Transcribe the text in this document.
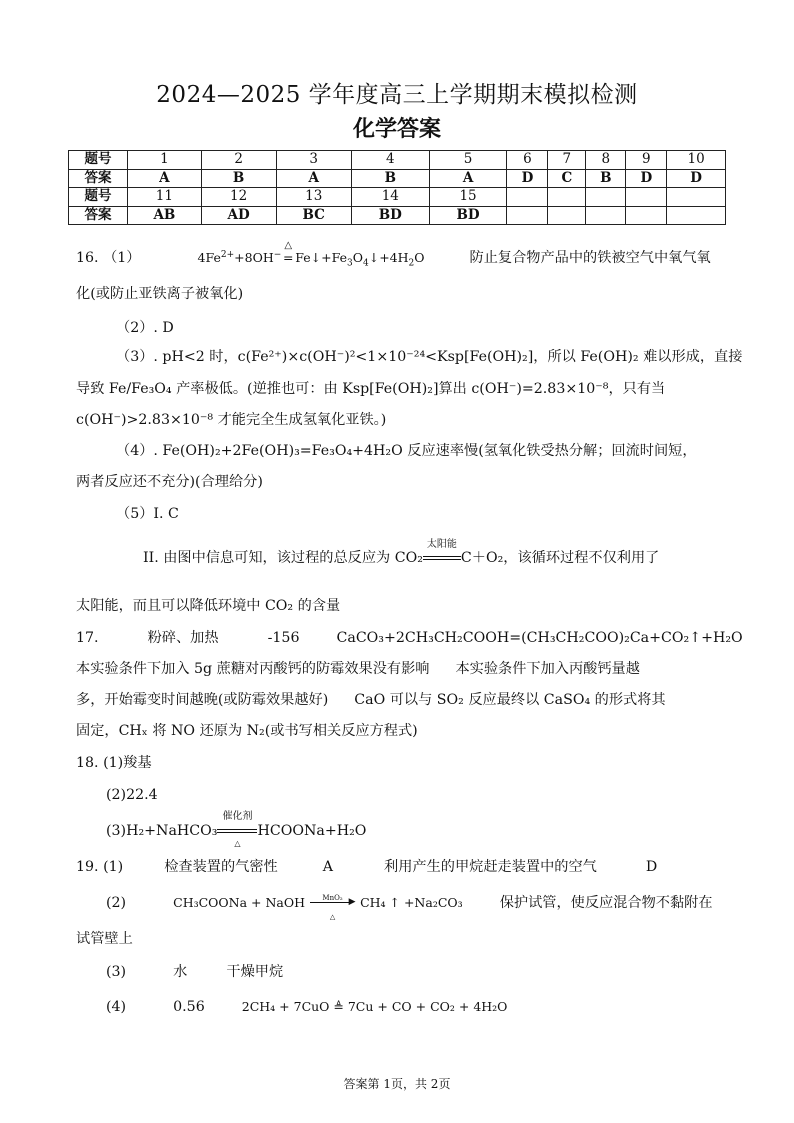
2024—2025 学年度高三上学期期末模拟检测
化学答案
题号	1	2	3	4	5	6	7	8	9	10
答案	A	B	A	B	A	D	C	B	D	D
题号	11	12	13	14	15					
答案	AB	AD	BC	BD	BD					
16. （1）	$4Fe^{2+}+8OH^-$
△
= $Fe↓+Fe_3O_4↓+4H_2O$	防止复合物产品中的铁被空气中氧气氧
化(或防止亚铁离子被氧化)
（2）. D
（3）. pH<2 时，c(Fe²⁺)×c(OH⁻)²<1×10⁻²⁴<Ksp[Fe(OH)₂]，所以 Fe(OH)₂ 难以形成，直接
导致 Fe/Fe₃O₄ 产率极低。(逆推也可：由 Ksp[Fe(OH)₂]算出 c(OH⁻)=2.83×10⁻⁸，只有当
c(OH⁻)>2.83×10⁻⁸ 才能完全生成氢氧化亚铁。)
（4）. Fe(OH)₂+2Fe(OH)₃=Fe₃O₄+4H₂O 反应速率慢(氢氧化铁受热分解；回流时间短，
两者反应还不充分)(合理给分)
（5）I. C
II. 由图中信息可知，该过程的总反应为 CO₂
太阳能
C＋O₂，该循环过程不仅利用了
太阳能，而且可以降低环境中 CO₂ 的含量
17.	粉碎、加热	-156	CaCO₃+2CH₃CH₂COOH=(CH₃CH₂COO)₂Ca+CO₂↑+H₂O
本实验条件下加入 5g 蔗糖对丙酸钙的防霉效果没有影响 本实验条件下加入丙酸钙量越
多，开始霉变时间越晚(或防霉效果越好) CaO 可以与 SO₂ 反应最终以 CaSO₄ 的形式将其
固定，CHₓ 将 NO 还原为 N₂(或书写相关反应方程式)
18. (1)羧基
(2)22.4
(3)H₂+NaHCO₃
催化剂
△
HCOONa+H₂O
19. (1)	检查装置的气密性	A	利用产生的甲烷赶走装置中的空气	D
(2)	CH₃COONa + NaOH	MnO₂ ▶
△
CH₄ ↑ +Na₂CO₃	保护试管，使反应混合物不黏附在
试管壁上
(3)	水	干燥甲烷
(4)	0.56	2CH₄ + 7CuO ≜ 7Cu + CO + CO₂ + 4H₂O
答案第 1页，共 2页
